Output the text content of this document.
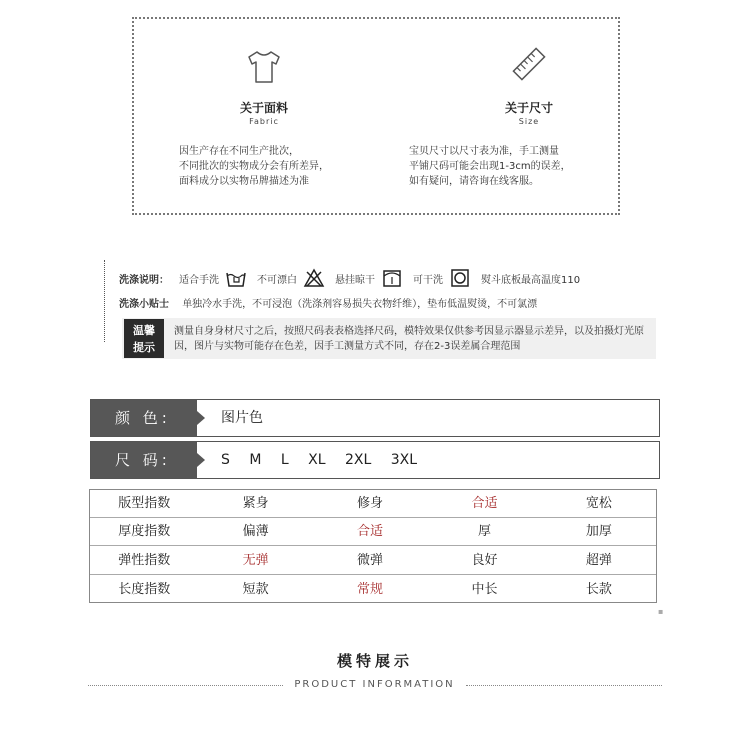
关于面料
Fabric
因生产存在不同生产批次，
不同批次的实物成分会有所差异，
面料成分以实物吊牌描述为准
关于尺寸
Size
宝贝尺寸以尺寸表为准，手工测量
平铺尺码可能会出现1-3cm的误差，
如有疑问，请咨询在线客服。
洗涤说明： 适合手洗	不可漂白	悬挂晾干	可干洗	熨斗底板最高温度110
洗涤小贴士 单独冷水手洗，不可浸泡（洗涤剂容易损失衣物纤维），垫布低温熨烫，不可氯漂
温馨
提示
测量自身身材尺寸之后，按照尺码表表格选择尺码，模特效果仅供参考因显示器显示差异，以及拍摄灯光原因，图片与实物可能存在色差，因手工测量方式不同，存在2-3误差属合理范围
颜 色:	图片色
尺 码:	S M L XL 2XL 3XL
版型指数	紧身	修身	合适	宽松
厚度指数	偏薄	合适	厚	加厚
弹性指数	无弹	微弹	良好	超弹
长度指数	短款	常规	中长	长款
▪
模特展示
PRODUCT INFORMATION
